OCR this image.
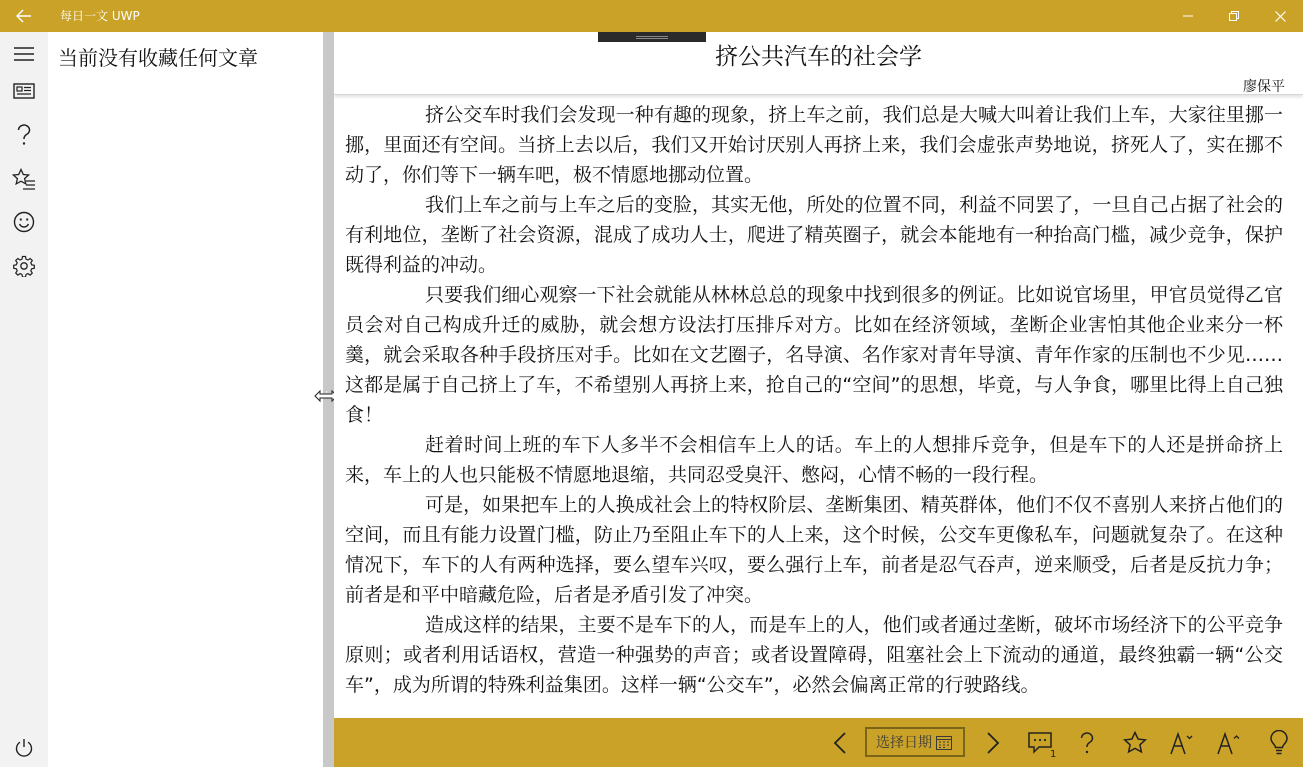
每日一文 UWP
当前没有收藏任何文章	挤公共汽车的社会学
廖保平

挤公交车时我们会发现一种有趣的现象，挤上车之前，我们总是大喊大叫着让我们上车，大家往里挪一挪，里面还有空间。当挤上去以后，我们又开始讨厌别人再挤上来，我们会虚张声势地说，挤死人了，实在挪不动了，你们等下一辆车吧，极不情愿地挪动位置。

我们上车之前与上车之后的变脸，其实无他，所处的位置不同，利益不同罢了，一旦自己占据了社会的有利地位，垄断了社会资源，混成了成功人士，爬进了精英圈子，就会本能地有一种抬高门槛，减少竞争，保护既得利益的冲动。

只要我们细心观察一下社会就能从林林总总的现象中找到很多的例证。比如说官场里，甲官员觉得乙官员会对自己构成升迁的威胁，就会想方设法打压排斥对方。比如在经济领域，垄断企业害怕其他企业来分一杯羹，就会采取各种手段挤压对手。比如在文艺圈子，名导演、名作家对青年导演、青年作家的压制也不少见……这都是属于自己挤上了车，不希望别人再挤上来，抢自己的“空间”的思想，毕竟，与人争食，哪里比得上自己独食！

赶着时间上班的车下人多半不会相信车上人的话。车上的人想排斥竞争，但是车下的人还是拼命挤上来，车上的人也只能极不情愿地退缩，共同忍受臭汗、憋闷，心情不畅的一段行程。

可是，如果把车上的人换成社会上的特权阶层、垄断集团、精英群体，他们不仅不喜别人来挤占他们的空间，而且有能力设置门槛，防止乃至阻止车下的人上来，这个时候，公交车更像私车，问题就复杂了。在这种情况下，车下的人有两种选择，要么望车兴叹，要么强行上车，前者是忍气吞声，逆来顺受，后者是反抗力争；前者是和平中暗藏危险，后者是矛盾引发了冲突。

造成这样的结果，主要不是车下的人，而是车上的人，他们或者通过垄断，破坏市场经济下的公平竞争原则；或者利用话语权，营造一种强势的声音；或者设置障碍，阻塞社会上下流动的通道，最终独霸一辆“公交车”，成为所谓的特殊利益集团。这样一辆“公交车”，必然会偏离正常的行驶路线。

选择日期
1
